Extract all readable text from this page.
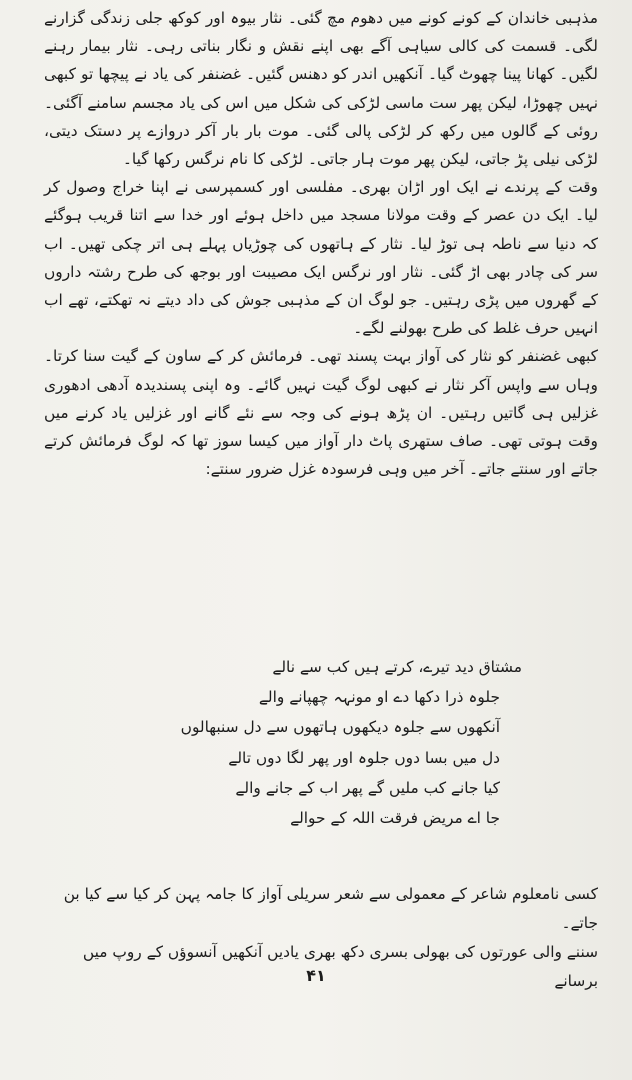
مذہبی خاندان کے کونے کونے میں دھوم مچ گئی۔ نثار بیوہ اور کوکھ جلی زندگی گزارنے لگی۔ قسمت کی کالی سیاہی آگے بھی اپنے نقش و نگار بناتی رہی۔ نثار بیمار رہنے لگیں۔ کھانا پینا چھوٹ گیا۔ آنکھیں اندر کو دھنس گئیں۔ غضنفر کی یاد نے پیچھا تو کبھی نہیں چھوڑا، لیکن پھر ست ماسی لڑکی کی شکل میں اس کی یاد مجسم سامنے آگئی۔ روئی کے گالوں میں رکھ کر لڑکی پالی گئی۔ موت بار بار آکر دروازے پر دستک دیتی، لڑکی نیلی پڑ جاتی، لیکن پھر موت ہار جاتی۔ لڑکی کا نام نرگس رکھا گیا۔

وقت کے پرندے نے ایک اور اڑان بھری۔ مفلسی اور کسمپرسی نے اپنا خراج وصول کر لیا۔ ایک دن عصر کے وقت مولانا مسجد میں داخل ہوئے اور خدا سے اتنا قریب ہوگئے کہ دنیا سے ناطہ ہی توڑ لیا۔ نثار کے ہاتھوں کی چوڑیاں پہلے ہی اتر چکی تھیں۔ اب سر کی چادر بھی اڑ گئی۔ نثار اور نرگس ایک مصیبت اور بوجھ کی طرح رشتہ داروں کے گھروں میں پڑی رہتیں۔ جو لوگ ان کے مذہبی جوش کی داد دیتے نہ تھکتے، تھے اب انہیں حرف غلط کی طرح بھولنے لگے۔

کبھی غضنفر کو نثار کی آواز بہت پسند تھی۔ فرمائش کر کے ساون کے گیت سنا کرتا۔ وہاں سے واپس آکر نثار نے کبھی لوگ گیت نہیں گائے۔ وہ اپنی پسندیدہ آدھی ادھوری غزلیں ہی گاتیں رہتیں۔ ان پڑھ ہونے کی وجہ سے نئے گانے اور غزلیں یاد کرنے میں وقت ہوتی تھی۔ صاف ستھری پاٹ دار آواز میں کیسا سوز تھا کہ لوگ فرمائش کرتے جاتے اور سنتے جاتے۔ آخر میں وہی فرسودہ غزل ضرور سنتے:

مشتاق دید تیرے، کرتے ہیں کب سے نالے
جلوہ ذرا دکھا دے او مونہہ چھپانے والے
آنکھوں سے جلوہ دیکھوں ہاتھوں سے دل سنبھالوں
دل میں بسا دوں جلوہ اور پھر لگا دوں تالے
کیا جانے کب ملیں گے پھر اب کے جانے والے
جا اے مریض فرقت اللہ کے حوالے

کسی نامعلوم شاعر کے معمولی سے شعر سریلی آواز کا جامہ پہن کر کیا سے کیا بن جاتے۔

سننے والی عورتوں کی بھولی بسری دکھ بھری یادیں آنکھیں آنسوؤں کے روپ میں برسانے

۴۱
